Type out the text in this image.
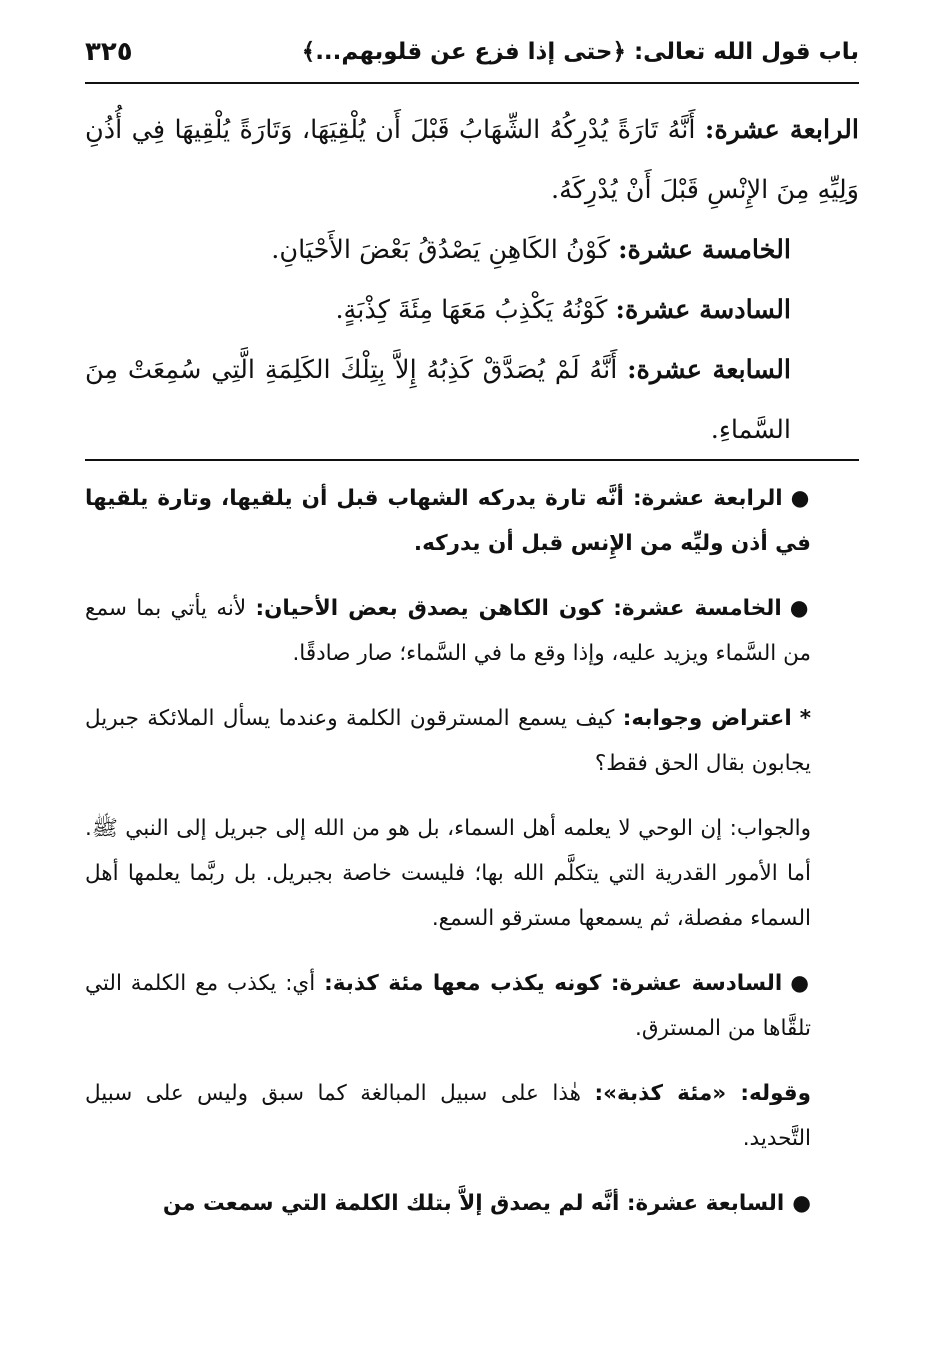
٣٢٥	باب قول الله تعالى: ﴿حتى إذا فزع عن قلوبهم...﴾

الرابعة عشرة: أَنَّهُ تَارَةً يُدْرِكُهُ الشِّهَابُ قَبْلَ أَن يُلْقِيَهَا، وَتَارَةً يُلْقِيهَا فِي أُذُنِ وَلِيِّهِ مِنَ الإِنْسِ قَبْلَ أَنْ يُدْرِكَهُ.

الخامسة عشرة: كَوْنُ الكَاهِنِ يَصْدُقُ بَعْضَ الأَحْيَانِ.

السادسة عشرة: كَوْنُهُ يَكْذِبُ مَعَهَا مِئَةَ كِذْبَةٍ.

السابعة عشرة: أَنَّهُ لَمْ يُصَدَّقْ كَذِبُهُ إِلاَّ بِتِلْكَ الكَلِمَةِ الَّتِي سُمِعَتْ مِنَ السَّماءِ.

●الرابعة عشرة: أنَّه تارة يدركه الشهاب قبل أن يلقيها، وتارة يلقيها في أذن وليِّه من الإِنس قبل أن يدركه.

●الخامسة عشرة: كون الكاهن يصدق بعض الأحيان: لأنه يأتي بما سمع من السَّماء ويزيد عليه، وإذا وقع ما في السَّماء؛ صار صادقًا.

*اعتراض وجوابه: كيف يسمع المسترقون الكلمة وعندما يسأل الملائكة جبريل يجابون بقال الحق فقط؟

والجواب: إن الوحي لا يعلمه أهل السماء، بل هو من الله إلى جبريل إلى النبي ﷺ. أما الأمور القدرية التي يتكلَّم الله بها؛ فليست خاصة بجبريل. بل ربَّما يعلمها أهل السماء مفصلة، ثم يسمعها مسترقو السمع.

●السادسة عشرة: كونه يكذب معها مئة كذبة: أي: يكذب مع الكلمة التي تلقَّاها من المسترق.

وقوله: «مئة كذبة»: هٰذا على سبيل المبالغة كما سبق وليس على سبيل التَّحديد.

●السابعة عشرة: أنَّه لم يصدق إلاَّ بتلك الكلمة التي سمعت من
